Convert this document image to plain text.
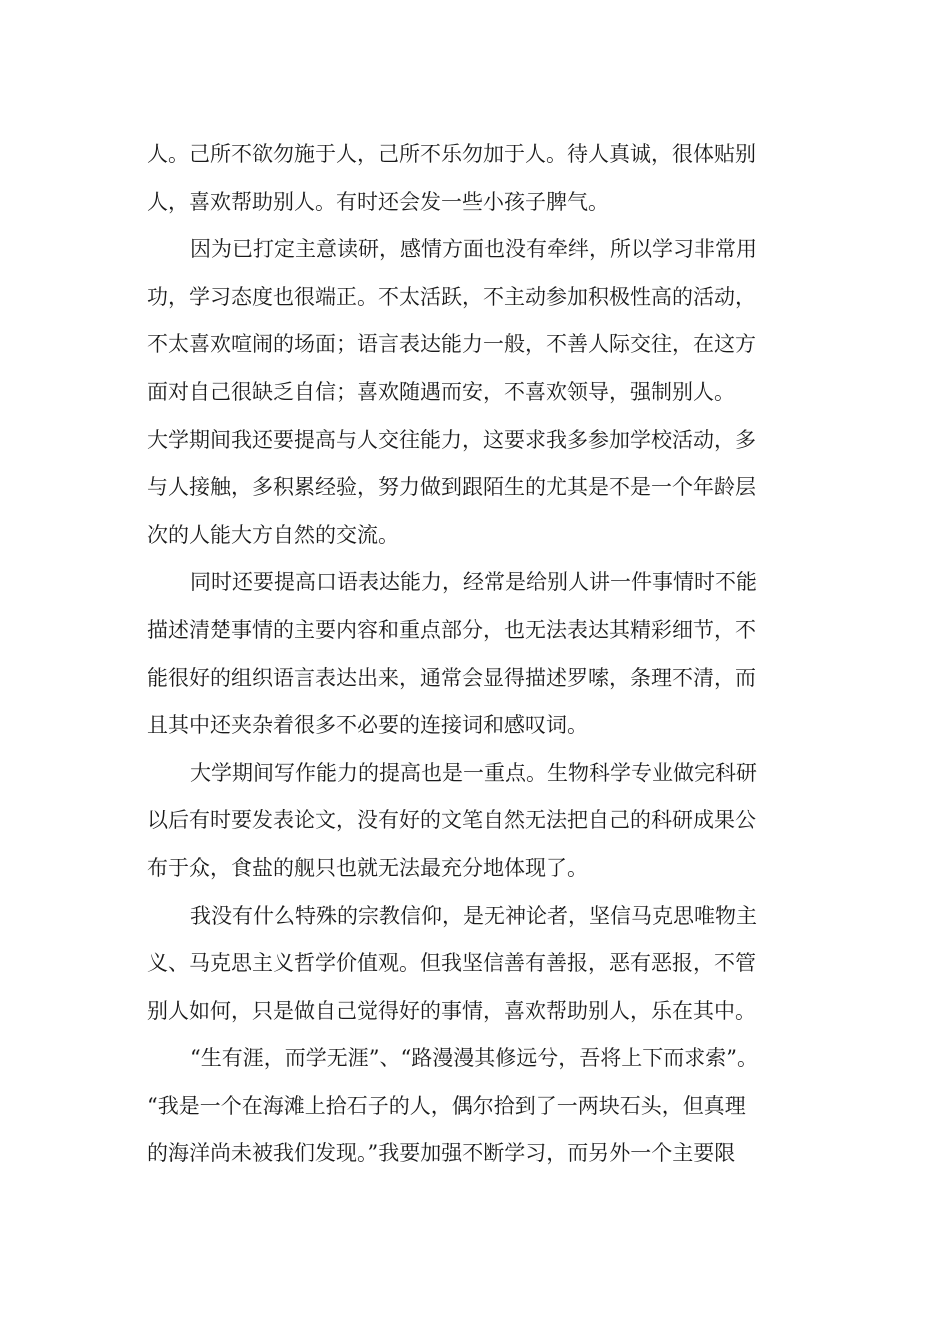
人。己所不欲勿施于人，己所不乐勿加于人。待人真诚，很体贴别
人，喜欢帮助别人。有时还会发一些小孩子脾气。
因为已打定主意读研，感情方面也没有牵绊，所以学习非常用
功，学习态度也很端正。不太活跃，不主动参加积极性高的活动，
不太喜欢喧闹的场面；语言表达能力一般，不善人际交往，在这方
面对自己很缺乏自信；喜欢随遇而安，不喜欢领导，强制别人。
大学期间我还要提高与人交往能力，这要求我多参加学校活动，多
与人接触，多积累经验，努力做到跟陌生的尤其是不是一个年龄层
次的人能大方自然的交流。
同时还要提高口语表达能力，经常是给别人讲一件事情时不能
描述清楚事情的主要内容和重点部分，也无法表达其精彩细节，不
能很好的组织语言表达出来，通常会显得描述罗嗦，条理不清，而
且其中还夹杂着很多不必要的连接词和感叹词。
大学期间写作能力的提高也是一重点。生物科学专业做完科研
以后有时要发表论文，没有好的文笔自然无法把自己的科研成果公
布于众，食盐的舰只也就无法最充分地体现了。
我没有什么特殊的宗教信仰，是无神论者，坚信马克思唯物主
义、马克思主义哲学价值观。但我坚信善有善报，恶有恶报，不管
别人如何，只是做自己觉得好的事情，喜欢帮助别人，乐在其中。
“生有涯，而学无涯”、“路漫漫其修远兮，吾将上下而求索”。
“我是一个在海滩上拾石子的人，偶尔拾到了一两块石头，但真理
的海洋尚未被我们发现。”我要加强不断学习，而另外一个主要限
